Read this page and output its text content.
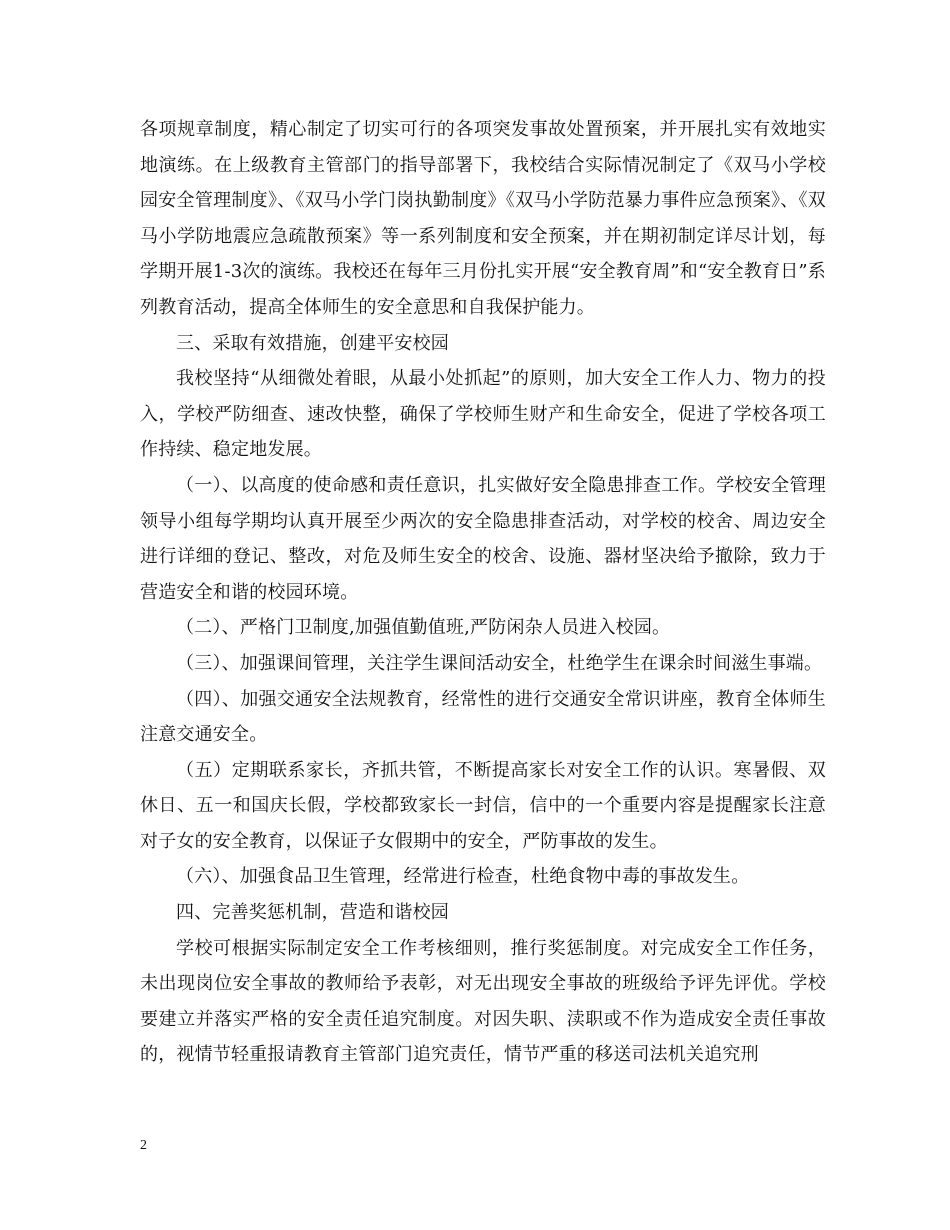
各项规章制度，精心制定了切实可行的各项突发事故处置预案，并开展扎实有效地实地演练。在上级教育主管部门的指导部署下，我校结合实际情况制定了《双马小学校园安全管理制度》、《双马小学门岗执勤制度》《双马小学防范暴力事件应急预案》、《双马小学防地震应急疏散预案》等一系列制度和安全预案，并在期初制定详尽计划，每学期开展1-3次的演练。我校还在每年三月份扎实开展“安全教育周”和“安全教育日”系列教育活动，提高全体师生的安全意思和自我保护能力。

三、采取有效措施，创建平安校园

我校坚持“从细微处着眼，从最小处抓起”的原则，加大安全工作人力、物力的投入，学校严防细查、速改快整，确保了学校师生财产和生命安全，促进了学校各项工作持续、稳定地发展。

（一）、以高度的使命感和责任意识，扎实做好安全隐患排查工作。学校安全管理领导小组每学期均认真开展至少两次的安全隐患排查活动，对学校的校舍、周边安全进行详细的登记、整改，对危及师生安全的校舍、设施、器材坚决给予撤除，致力于营造安全和谐的校园环境。

（二）、严格门卫制度,加强值勤值班,严防闲杂人员进入校园。

（三）、加强课间管理，关注学生课间活动安全，杜绝学生在课余时间滋生事端。

（四）、加强交通安全法规教育，经常性的进行交通安全常识讲座，教育全体师生注意交通安全。

（五）定期联系家长，齐抓共管，不断提高家长对安全工作的认识。寒暑假、双休日、五一和国庆长假，学校都致家长一封信，信中的一个重要内容是提醒家长注意对子女的安全教育，以保证子女假期中的安全，严防事故的发生。

（六）、加强食品卫生管理，经常进行检查，杜绝食物中毒的事故发生。

四、完善奖惩机制，营造和谐校园

学校可根据实际制定安全工作考核细则，推行奖惩制度。对完成安全工作任务，未出现岗位安全事故的教师给予表彰，对无出现安全事故的班级给予评先评优。学校要建立并落实严格的安全责任追究制度。对因失职、渎职或不作为造成安全责任事故的，视情节轻重报请教育主管部门追究责任，情节严重的移送司法机关追究刑

2
